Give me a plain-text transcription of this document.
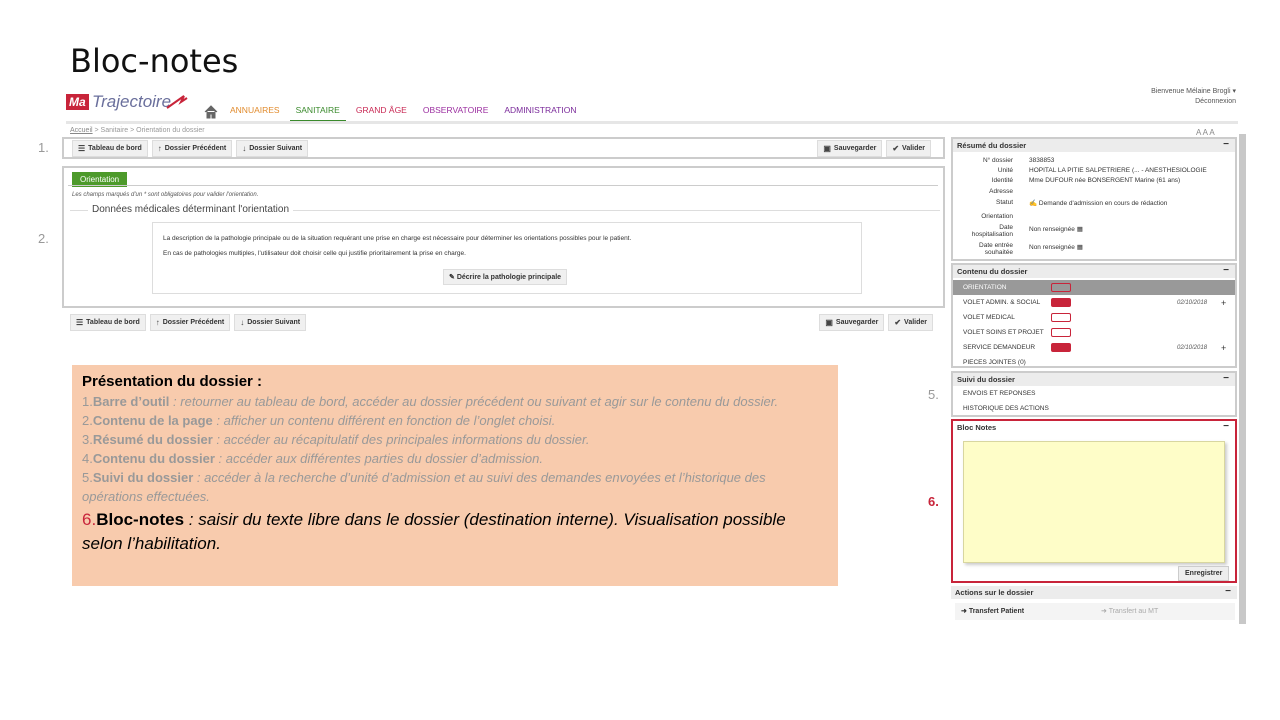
Bloc-notes
Ma Trajectoire	ANNUAIRES	SANITAIRE	GRAND ÂGE OBSERVATOIRE ADMINISTRATION
Bienvenue Mélaine Brogli ▾
Déconnexion
Accueil > Sanitaire > Orientation du dossier	A A A
1.
2.
5.
6.
☰ Tableau de bord ↑ Dossier Précédent ↓ Dossier Suivant	▣ Sauvegarder ✔ Valider
Orientation
Les champs marqués d'un * sont obligatoires pour valider l'orientation.
Données médicales déterminant l'orientation

La description de la pathologie principale ou de la situation requérant une prise en charge est nécessaire pour déterminer les orientations possibles pour le patient.

En cas de pathologies multiples, l'utilisateur doit choisir celle qui justifie prioritairement la prise en charge.

✎ Décrire la pathologie principale
☰ Tableau de bord ↑ Dossier Précédent ↓ Dossier Suivant	▣ Sauvegarder ✔ Valider
Présentation du dossier :
1.Barre d’outil : retourner au tableau de bord, accéder au dossier précédent ou suivant et agir sur le contenu du dossier.
2.Contenu de la page : afficher un contenu différent en fonction de l’onglet choisi.
3.Résumé du dossier : accéder au récapitulatif des principales informations du dossier.
4.Contenu du dossier : accéder aux différentes parties du dossier d’admission.
5.Suivi du dossier : accéder à la recherche d’unité d’admission et au suivi des demandes envoyées et l’historique des opérations effectuées.
6.Bloc-notes : saisir du texte libre dans le dossier (destination interne). Visualisation possible selon l’habilitation.
Résumé du dossier	−
N° dossier 3838853
Unité HOPITAL LA PITIE SALPETRIERE (... - ANESTHESIOLOGIE
Identité Mme DUFOUR née BONSERGENT Marine (61 ans)
Adresse
Statut ✍ Demande d'admission en cours de rédaction
Orientation
Date
hospitalisation
Non renseignée ▦
Date entrée
souhaitée
Non renseignée ▦
Contenu du dossier	−
ORIENTATION
VOLET ADMIN. & SOCIAL	02/10/2018 +
VOLET MEDICAL
VOLET SOINS ET PROJET
SERVICE DEMANDEUR	02/10/2018 +
PIECES JOINTES (0)
Suivi du dossier	−
ENVOIS ET REPONSES
HISTORIQUE DES ACTIONS
Bloc Notes	−
Enregistrer
Actions sur le dossier	−
➜ Transfert Patient	➜ Transfert au MT
